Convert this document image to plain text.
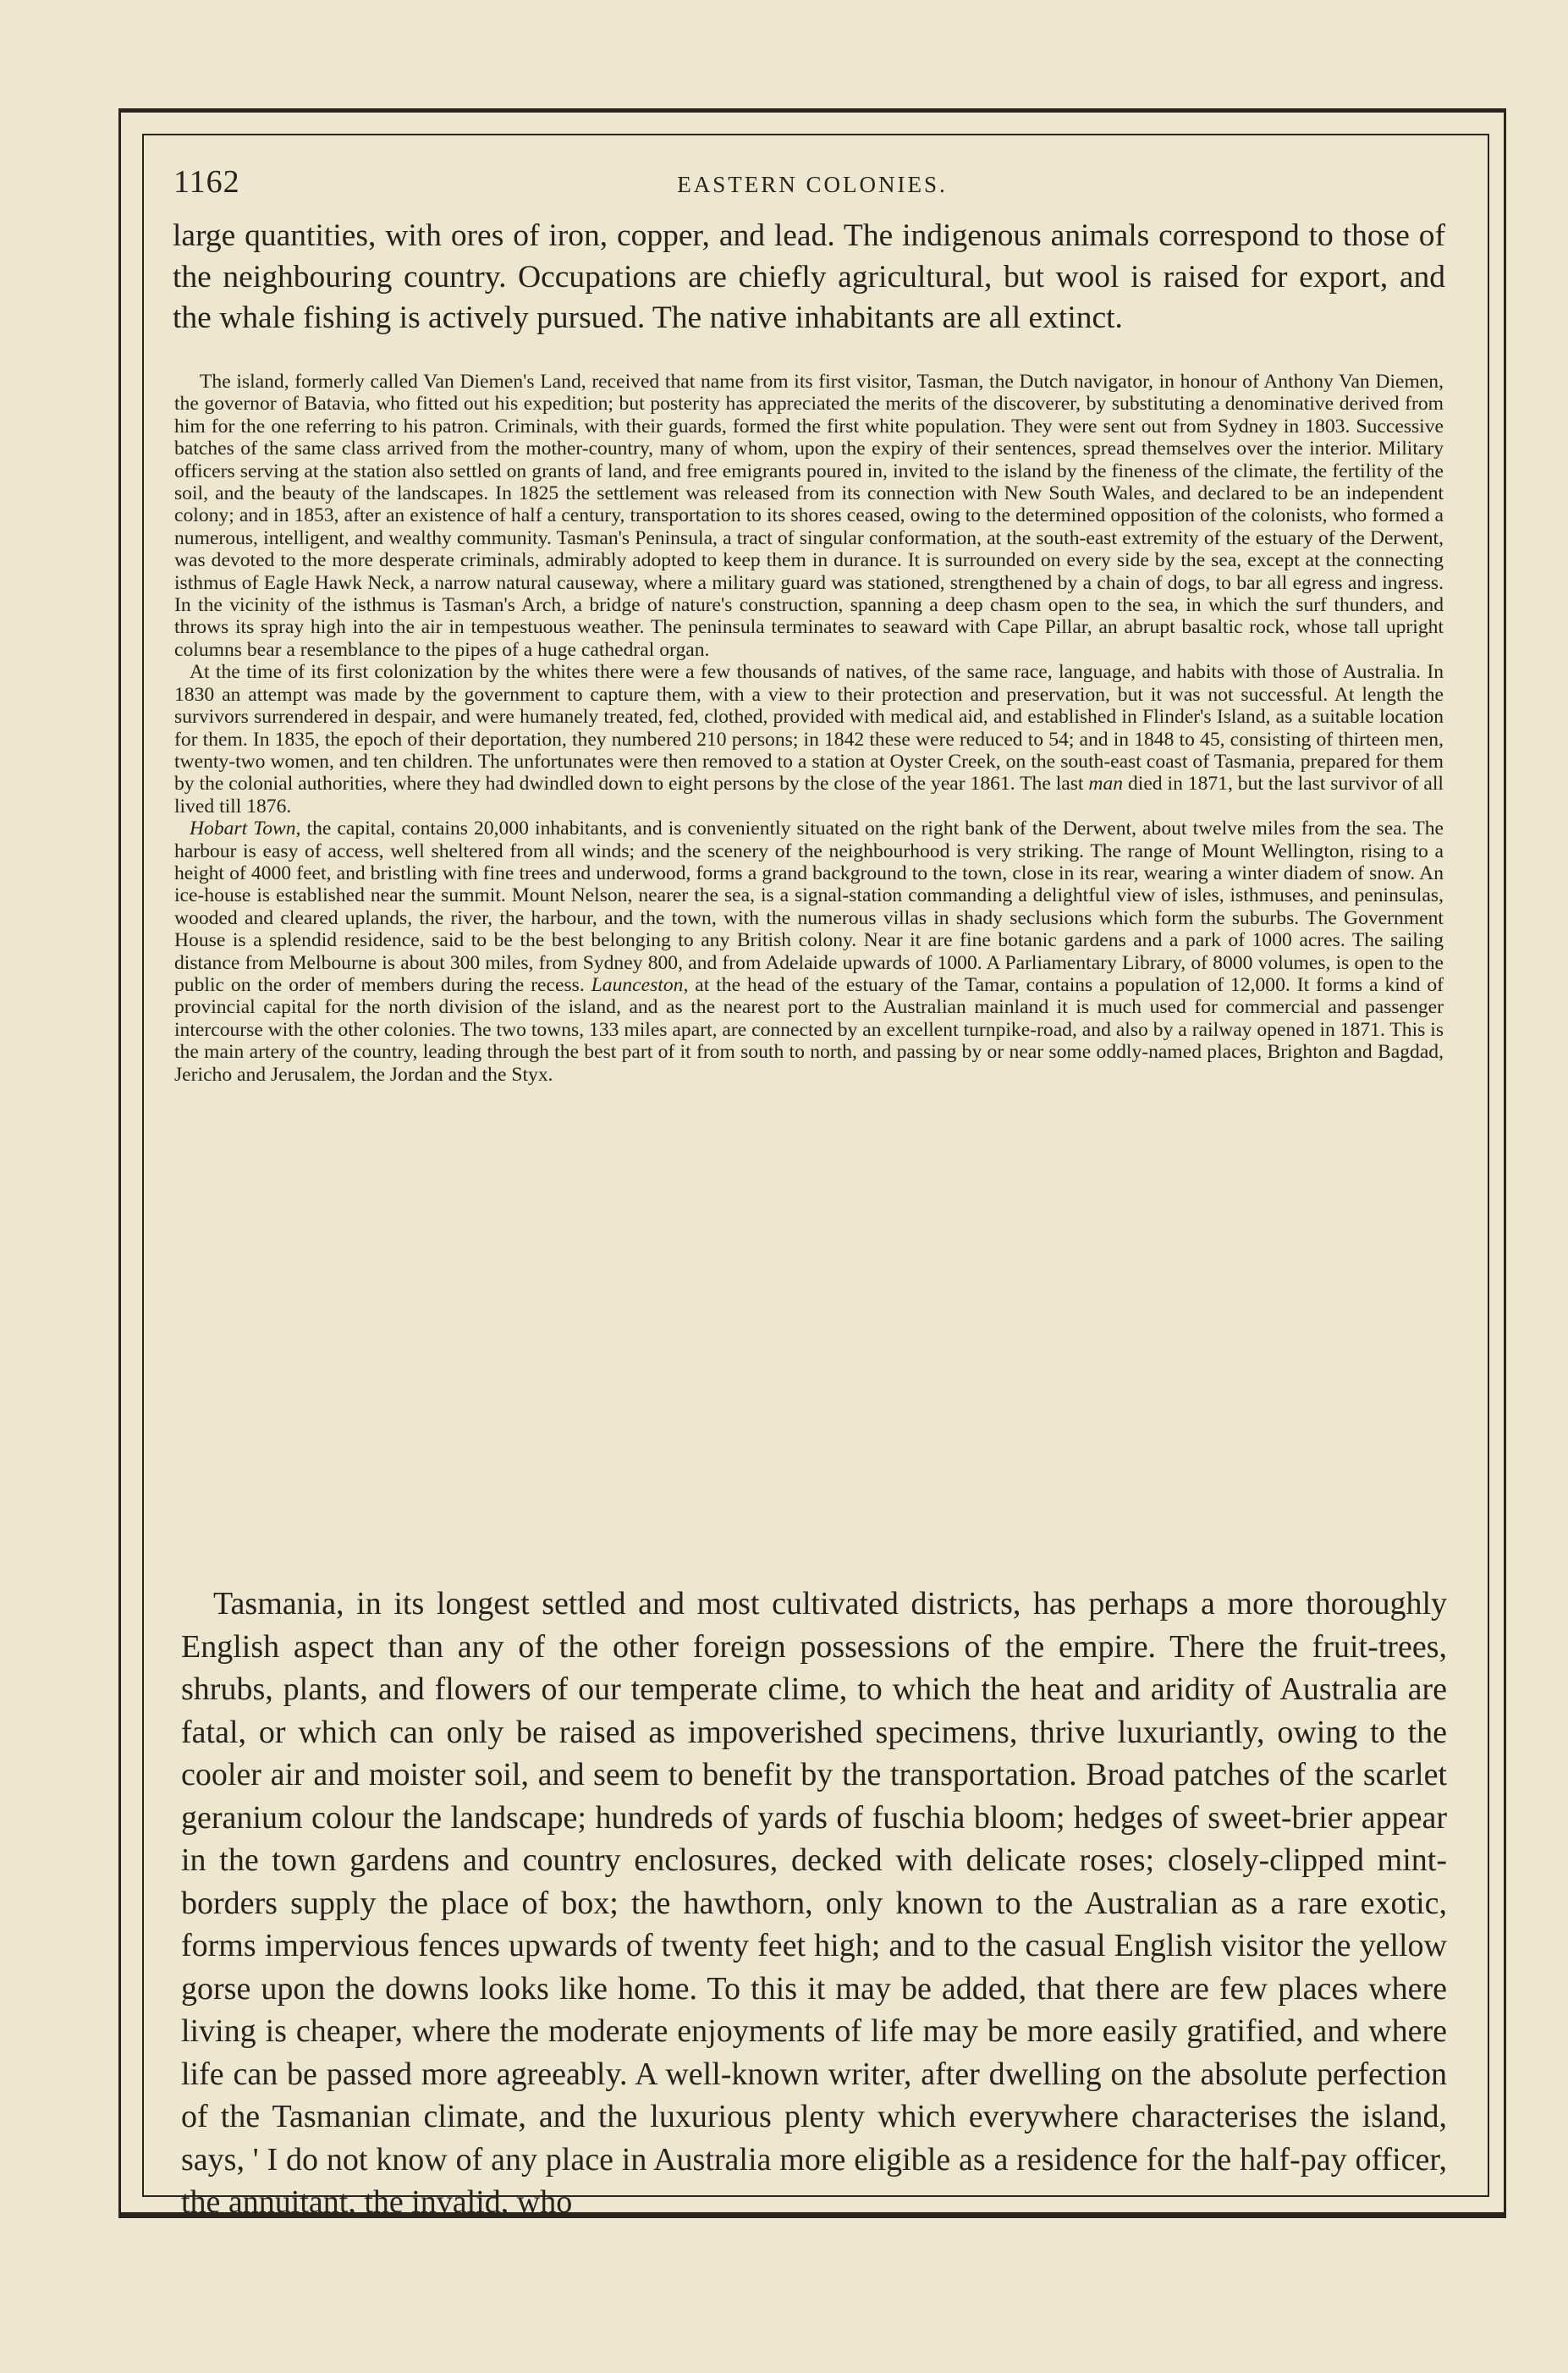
1162	EASTERN COLONIES.
large quantities, with ores of iron, copper, and lead. The indigenous animals correspond to those of the neighbouring country. Occupations are chiefly agricultural, but wool is raised for export, and the whale fishing is actively pursued. The native inhabitants are all extinct.

The island, formerly called Van Diemen's Land, received that name from its first visitor, Tasman, the Dutch navigator, in honour of Anthony Van Diemen, the governor of Batavia, who fitted out his expedition; but posterity has appreciated the merits of the discoverer, by substituting a denominative derived from him for the one referring to his patron. Criminals, with their guards, formed the first white population. They were sent out from Sydney in 1803. Successive batches of the same class arrived from the mother-country, many of whom, upon the expiry of their sentences, spread themselves over the interior. Military officers serving at the station also settled on grants of land, and free emigrants poured in, invited to the island by the fineness of the climate, the fertility of the soil, and the beauty of the landscapes. In 1825 the settlement was released from its connection with New South Wales, and declared to be an independent colony; and in 1853, after an existence of half a century, transportation to its shores ceased, owing to the determined opposition of the colonists, who formed a numerous, intelligent, and wealthy community. Tasman's Peninsula, a tract of singular conformation, at the south-east extremity of the estuary of the Derwent, was devoted to the more desperate criminals, admirably adopted to keep them in durance. It is surrounded on every side by the sea, except at the connecting isthmus of Eagle Hawk Neck, a narrow natural causeway, where a military guard was stationed, strengthened by a chain of dogs, to bar all egress and ingress. In the vicinity of the isthmus is Tasman's Arch, a bridge of nature's construction, spanning a deep chasm open to the sea, in which the surf thunders, and throws its spray high into the air in tempestuous weather. The peninsula terminates to seaward with Cape Pillar, an abrupt basaltic rock, whose tall upright columns bear a resemblance to the pipes of a huge cathedral organ.

At the time of its first colonization by the whites there were a few thousands of natives, of the same race, language, and habits with those of Australia. In 1830 an attempt was made by the government to capture them, with a view to their protection and preservation, but it was not successful. At length the survivors surrendered in despair, and were humanely treated, fed, clothed, provided with medical aid, and established in Flinder's Island, as a suitable location for them. In 1835, the epoch of their deportation, they numbered 210 persons; in 1842 these were reduced to 54; and in 1848 to 45, consisting of thirteen men, twenty-two women, and ten children. The unfortunates were then removed to a station at Oyster Creek, on the south-east coast of Tasmania, prepared for them by the colonial authorities, where they had dwindled down to eight persons by the close of the year 1861. The last man died in 1871, but the last survivor of all lived till 1876.

Hobart Town, the capital, contains 20,000 inhabitants, and is conveniently situated on the right bank of the Derwent, about twelve miles from the sea. The harbour is easy of access, well sheltered from all winds; and the scenery of the neighbourhood is very striking. The range of Mount Wellington, rising to a height of 4000 feet, and bristling with fine trees and underwood, forms a grand background to the town, close in its rear, wearing a winter diadem of snow. An ice-house is established near the summit. Mount Nelson, nearer the sea, is a signal-station commanding a delightful view of isles, isthmuses, and peninsulas, wooded and cleared uplands, the river, the harbour, and the town, with the numerous villas in shady seclusions which form the suburbs. The Government House is a splendid residence, said to be the best belonging to any British colony. Near it are fine botanic gardens and a park of 1000 acres. The sailing distance from Melbourne is about 300 miles, from Sydney 800, and from Adelaide upwards of 1000. A Parliamentary Library, of 8000 volumes, is open to the public on the order of members during the recess. Launceston, at the head of the estuary of the Tamar, contains a population of 12,000. It forms a kind of provincial capital for the north division of the island, and as the nearest port to the Australian mainland it is much used for commercial and passenger intercourse with the other colonies. The two towns, 133 miles apart, are connected by an excellent turnpike-road, and also by a railway opened in 1871. This is the main artery of the country, leading through the best part of it from south to north, and passing by or near some oddly-named places, Brighton and Bagdad, Jericho and Jerusalem, the Jordan and the Styx.

Tasmania, in its longest settled and most cultivated districts, has perhaps a more thoroughly English aspect than any of the other foreign possessions of the empire. There the fruit-trees, shrubs, plants, and flowers of our temperate clime, to which the heat and aridity of Australia are fatal, or which can only be raised as impoverished specimens, thrive luxuriantly, owing to the cooler air and moister soil, and seem to benefit by the transportation. Broad patches of the scarlet geranium colour the landscape; hundreds of yards of fuschia bloom; hedges of sweet-brier appear in the town gardens and country enclosures, decked with delicate roses; closely-clipped mint-borders supply the place of box; the hawthorn, only known to the Australian as a rare exotic, forms impervious fences upwards of twenty feet high; and to the casual English visitor the yellow gorse upon the downs looks like home. To this it may be added, that there are few places where living is cheaper, where the moderate enjoyments of life may be more easily gratified, and where life can be passed more agreeably. A well-known writer, after dwelling on the absolute perfection of the Tasmanian climate, and the luxurious plenty which everywhere characterises the island, says, ' I do not know of any place in Australia more eligible as a residence for the half-pay officer, the annuitant, the invalid, who
